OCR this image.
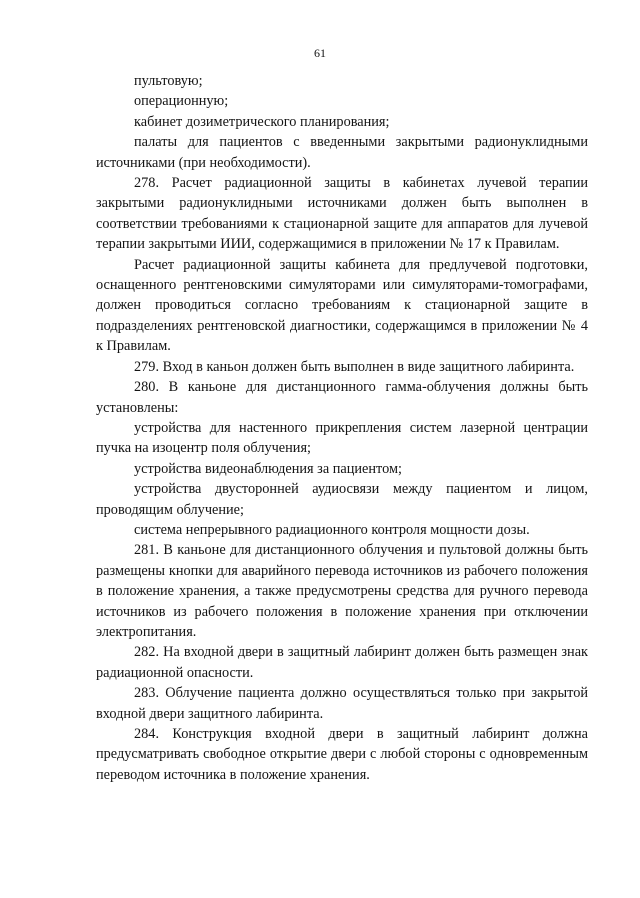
61

пультовую;

операционную;

кабинет дозиметрического планирования;

палаты для пациентов с введенными закрытыми радионуклидными источниками (при необходимости).

278. Расчет радиационной защиты в кабинетах лучевой терапии закрытыми радионуклидными источниками должен быть выполнен в соответствии требованиями к стационарной защите для аппаратов для лучевой терапии закрытыми ИИИ, содержащимися в приложении № 17 к Правилам.

Расчет радиационной защиты кабинета для предлучевой подготовки, оснащенного рентгеновскими симуляторами или симуляторами-томографами, должен проводиться согласно требованиям к стационарной защите в подразделениях рентгеновской диагностики, содержащимся в приложении № 4 к Правилам.

279. Вход в каньон должен быть выполнен в виде защитного лабиринта.

280. В каньоне для дистанционного гамма-облучения должны быть установлены:

устройства для настенного прикрепления систем лазерной центрации пучка на изоцентр поля облучения;

устройства видеонаблюдения за пациентом;

устройства двусторонней аудиосвязи между пациентом и лицом, проводящим облучение;

система непрерывного радиационного контроля мощности дозы.

281. В каньоне для дистанционного облучения и пультовой должны быть размещены кнопки для аварийного перевода источников из рабочего положения в положение хранения, а также предусмотрены средства для ручного перевода источников из рабочего положения в положение хранения при отключении электропитания.

282. На входной двери в защитный лабиринт должен быть размещен знак радиационной опасности.

283. Облучение пациента должно осуществляться только при закрытой входной двери защитного лабиринта.

284. Конструкция входной двери в защитный лабиринт должна предусматривать свободное открытие двери с любой стороны с одновременным переводом источника в положение хранения.
